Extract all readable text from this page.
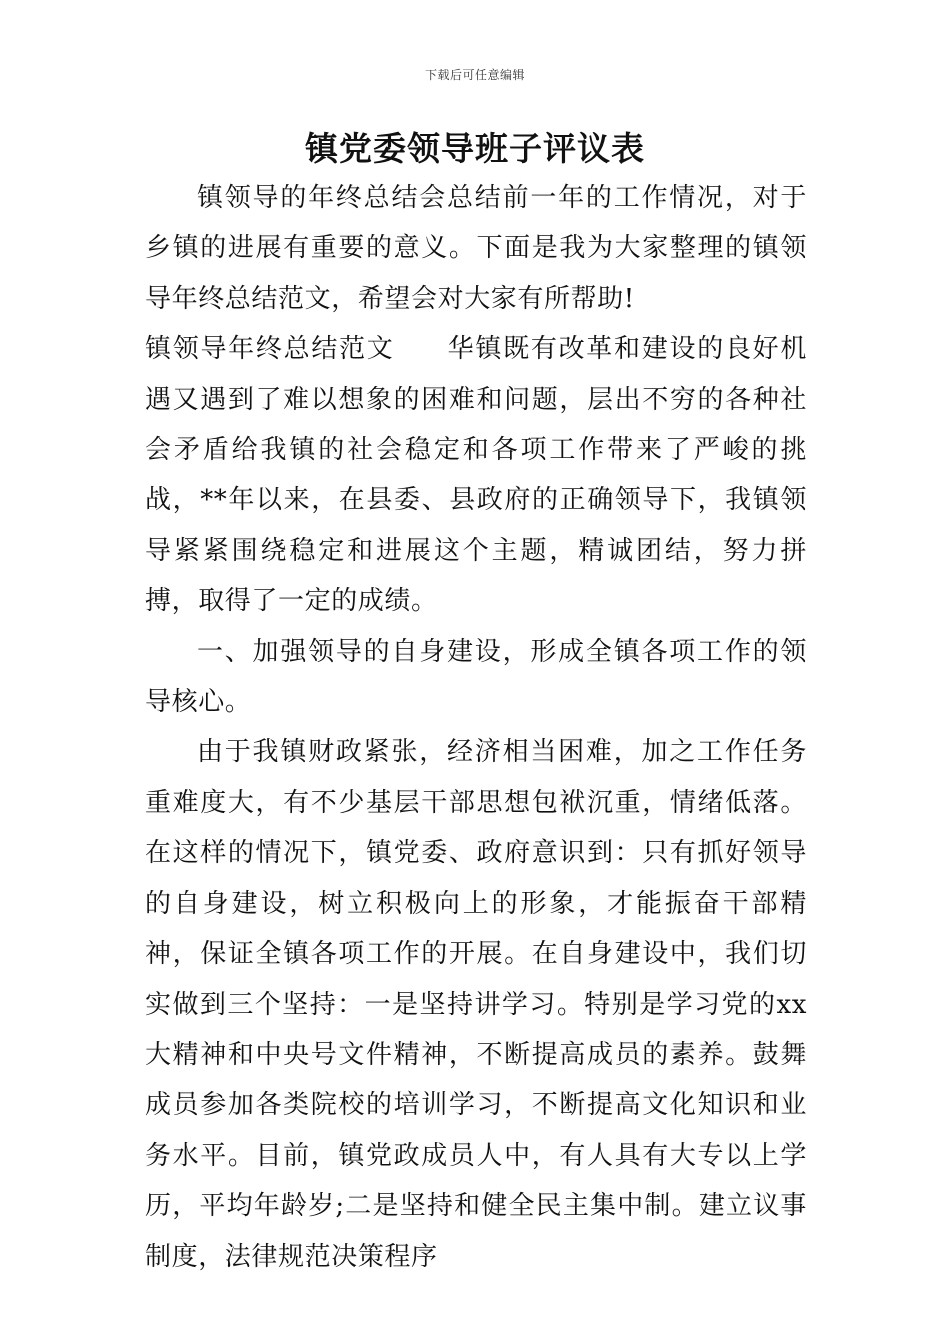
下载后可任意编辑
镇党委领导班子评议表

镇领导的年终总结会总结前一年的工作情况，对于乡镇的进展有重要的意义。下面是我为大家整理的镇领导年终总结范文，希望会对大家有所帮助!

镇领导年终总结范文 华镇既有改革和建设的良好机遇又遇到了难以想象的困难和问题，层出不穷的各种社会矛盾给我镇的社会稳定和各项工作带来了严峻的挑战，**年以来，在县委、县政府的正确领导下，我镇领导紧紧围绕稳定和进展这个主题，精诚团结，努力拼搏，取得了一定的成绩。

一、加强领导的自身建设，形成全镇各项工作的领导核心。

由于我镇财政紧张，经济相当困难，加之工作任务重难度大，有不少基层干部思想包袱沉重，情绪低落。在这样的情况下，镇党委、政府意识到：只有抓好领导的自身建设，树立积极向上的形象，才能振奋干部精神，保证全镇各项工作的开展。在自身建设中，我们切实做到三个坚持：一是坚持讲学习。特别是学习党的xx大精神和中央号文件精神，不断提高成员的素养。鼓舞成员参加各类院校的培训学习，不断提高文化知识和业务水平。目前，镇党政成员人中，有人具有大专以上学历，平均年龄岁;二是坚持和健全民主集中制。建立议事制度，法律规范决策程序
